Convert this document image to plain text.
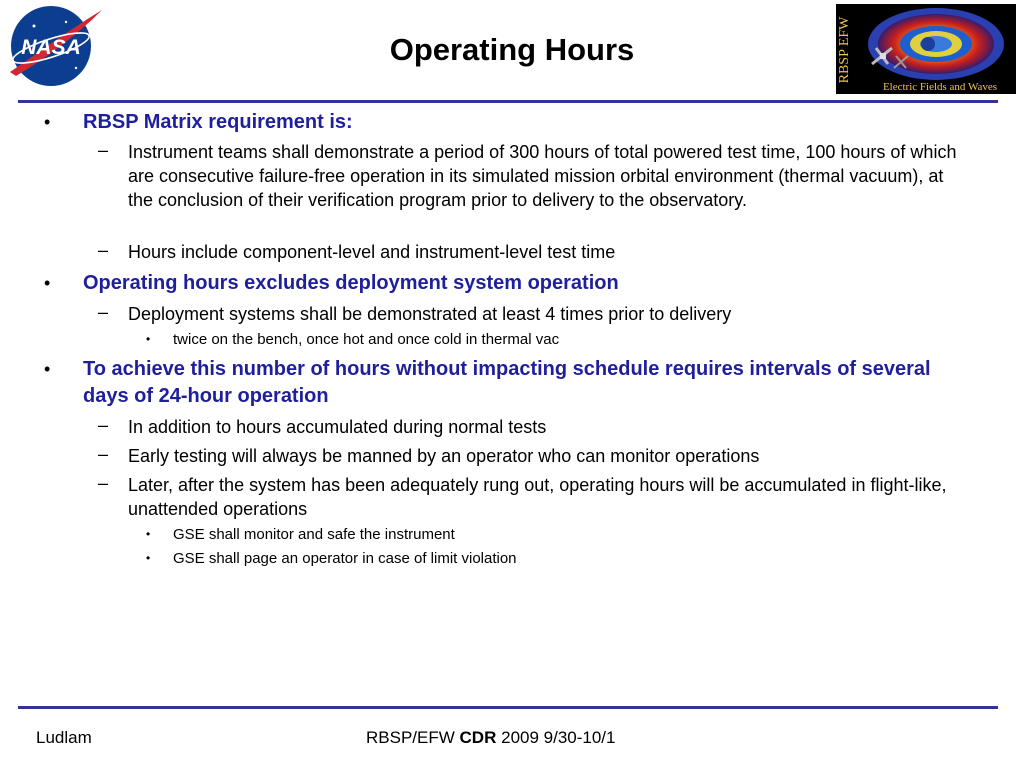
NASA	RBSP EFW
Electric Fields and Waves
Operating Hours
• RBSP Matrix requirement is:
– Instrument teams shall demonstrate a period of 300 hours of total powered test time, 100 hours of which are consecutive failure-free operation in its simulated mission orbital environment (thermal vacuum), at the conclusion of their verification program prior to delivery to the observatory.
– Hours include component-level and instrument-level test time
• Operating hours excludes deployment system operation
– Deployment systems shall be demonstrated at least 4 times prior to delivery
• twice on the bench, once hot and once cold in thermal vac
• To achieve this number of hours without impacting schedule requires intervals of several days of 24-hour operation
– In addition to hours accumulated during normal tests
– Early testing will always be manned by an operator who can monitor operations
– Later, after the system has been adequately rung out, operating hours will be accumulated in flight-like, unattended operations
• GSE shall monitor and safe the instrument
• GSE shall page an operator in case of limit violation
Ludlam	RBSP/EFW CDR 2009 9/30-10/1
